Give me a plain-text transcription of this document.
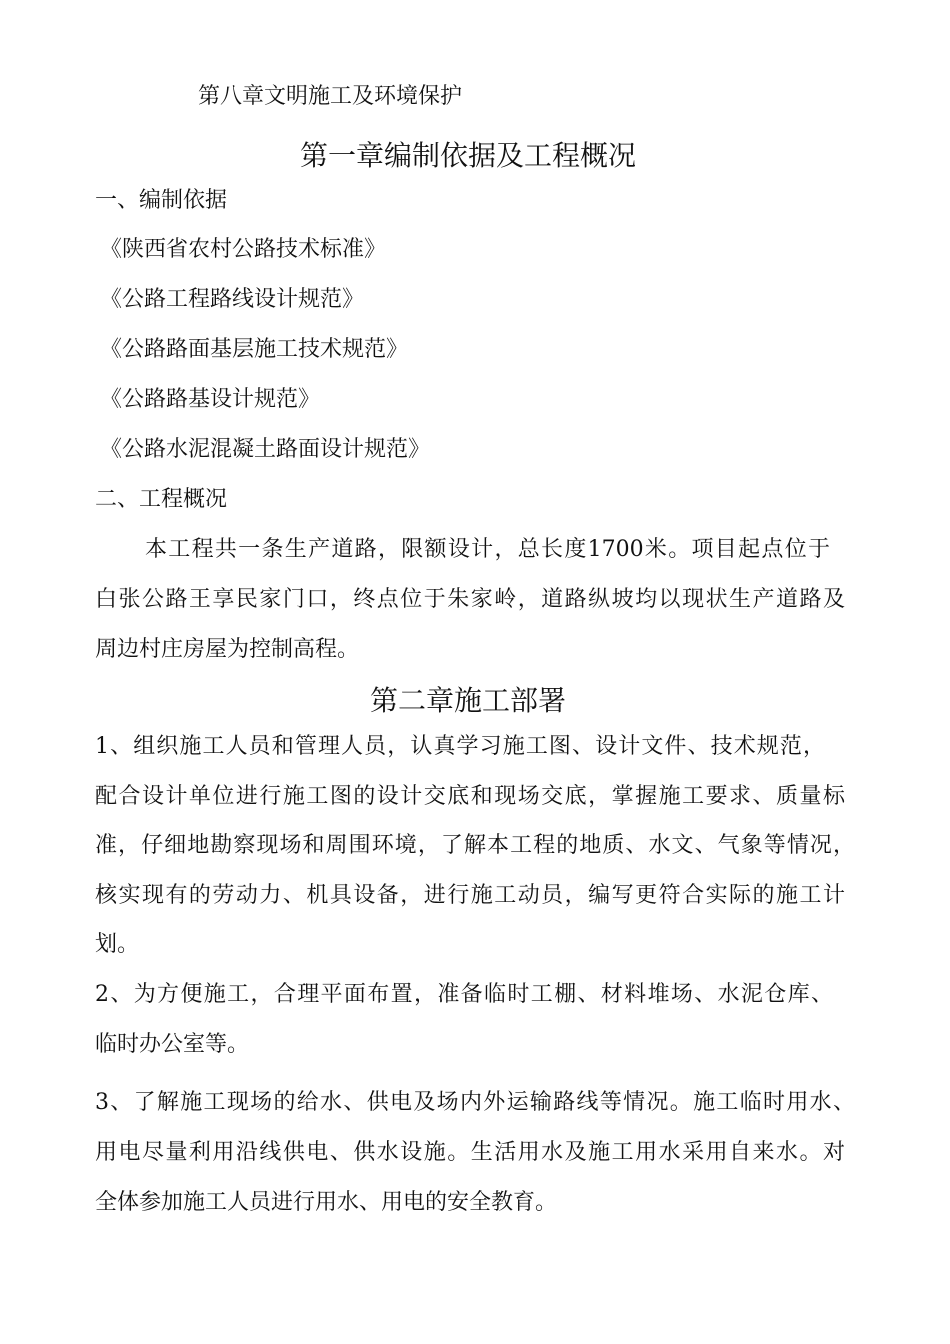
第八章文明施工及环境保护
第一章编制依据及工程概况
一、编制依据
《陕西省农村公路技术标准》
《公路工程路线设计规范》
《公路路面基层施工技术规范》
《公路路基设计规范》
《公路水泥混凝土路面设计规范》
二、工程概况
本工程共一条生产道路，限额设计，总长度1700米。项目起点位于
白张公路王享民家门口，终点位于朱家岭，道路纵坡均以现状生产道路及
周边村庄房屋为控制高程。
第二章施工部署
1、组织施工人员和管理人员，认真学习施工图、设计文件、技术规范，
配合设计单位进行施工图的设计交底和现场交底，掌握施工要求、质量标
准，仔细地勘察现场和周围环境，了解本工程的地质、水文、气象等情况，
核实现有的劳动力、机具设备，进行施工动员，编写更符合实际的施工计
划。
2、为方便施工，合理平面布置，准备临时工棚、材料堆场、水泥仓库、
临时办公室等。
3、了解施工现场的给水、供电及场内外运输路线等情况。施工临时用水、
用电尽量利用沿线供电、供水设施。生活用水及施工用水采用自来水。对
全体参加施工人员进行用水、用电的安全教育。
